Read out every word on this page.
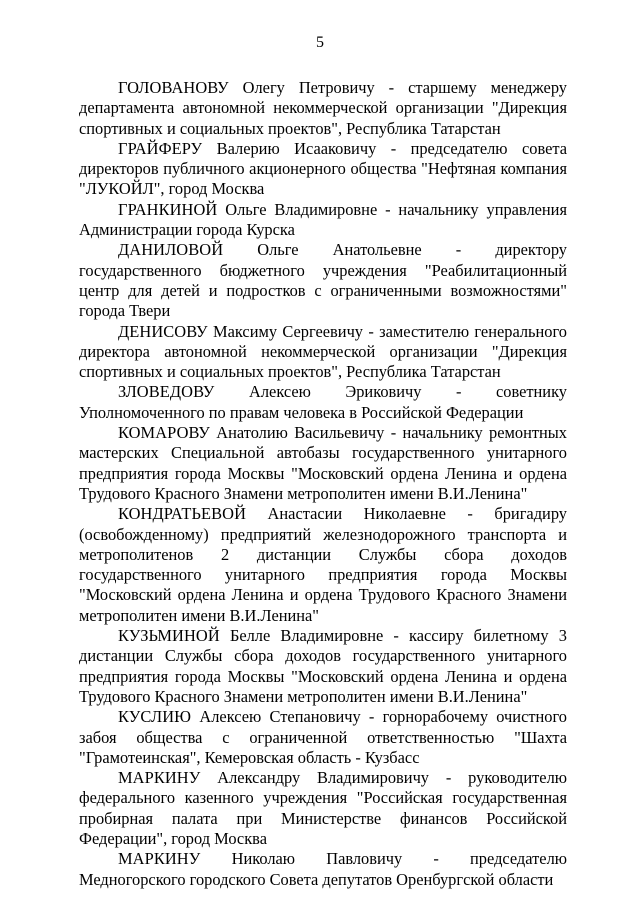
5

ГОЛОВАНОВУ Олегу Петровичу - старшему менеджеру департамента автономной некоммерческой организации "Дирекция спортивных и социальных проектов", Республика Татарстан

ГРАЙФЕРУ Валерию Исааковичу - председателю совета директоров публичного акционерного общества "Нефтяная компания "ЛУКОЙЛ", город Москва

ГРАНКИНОЙ Ольге Владимировне - начальнику управления Администрации города Курска

ДАНИЛОВОЙ Ольге Анатольевне - директору государственного бюджетного учреждения "Реабилитационный центр для детей и подростков с ограниченными возможностями" города Твери

ДЕНИСОВУ Максиму Сергеевичу - заместителю генерального директора автономной некоммерческой организации "Дирекция спортивных и социальных проектов", Республика Татарстан

ЗЛОВЕДОВУ Алексею Эриковичу - советнику Уполномоченного по правам человека в Российской Федерации

КОМАРОВУ Анатолию Васильевичу - начальнику ремонтных мастерских Специальной автобазы государственного унитарного предприятия города Москвы "Московский ордена Ленина и ордена Трудового Красного Знамени метрополитен имени В.И.Ленина"

КОНДРАТЬЕВОЙ Анастасии Николаевне - бригадиру (освобожденному) предприятий железнодорожного транспорта и метрополитенов 2 дистанции Службы сбора доходов государственного унитарного предприятия города Москвы "Московский ордена Ленина и ордена Трудового Красного Знамени метрополитен имени В.И.Ленина"

КУЗЬМИНОЙ Белле Владимировне - кассиру билетному 3 дистанции Службы сбора доходов государственного унитарного предприятия города Москвы "Московский ордена Ленина и ордена Трудового Красного Знамени метрополитен имени В.И.Ленина"

КУСЛИЮ Алексею Степановичу - горнорабочему очистного забоя общества с ограниченной ответственностью "Шахта "Грамотеинская", Кемеровская область - Кузбасс

МАРКИНУ Александру Владимировичу - руководителю федерального казенного учреждения "Российская государственная пробирная палата при Министерстве финансов Российской Федерации", город Москва

МАРКИНУ Николаю Павловичу - председателю Медногорского городского Совета депутатов Оренбургской области
